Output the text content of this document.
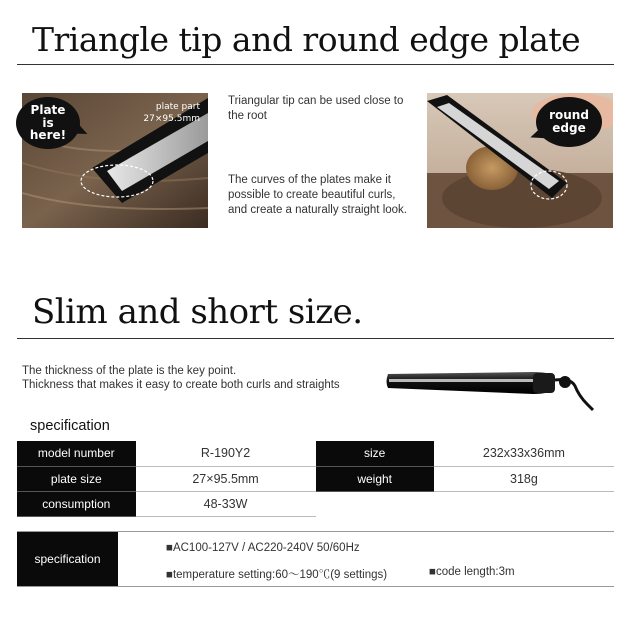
Triangle tip and round edge plate
plate part
27×95.5mm
Plate
is
here!
Triangular tip can be used close to the root
The curves of the plates make it possible to create beautiful curls, and create a naturally straight look.
round
edge
Slim and short size.
The thickness of the plate is the key point.
Thickness that makes it easy to create both curls and straights
specification
model number	R-190Y2	size	232x33x36mm
plate size	27×95.5mm	weight	318g
consumption	48-33W		
specification
■AC100-127V / AC220-240V 50/60Hz
■temperature setting:60～190℃(9 settings)	■code length:3m
